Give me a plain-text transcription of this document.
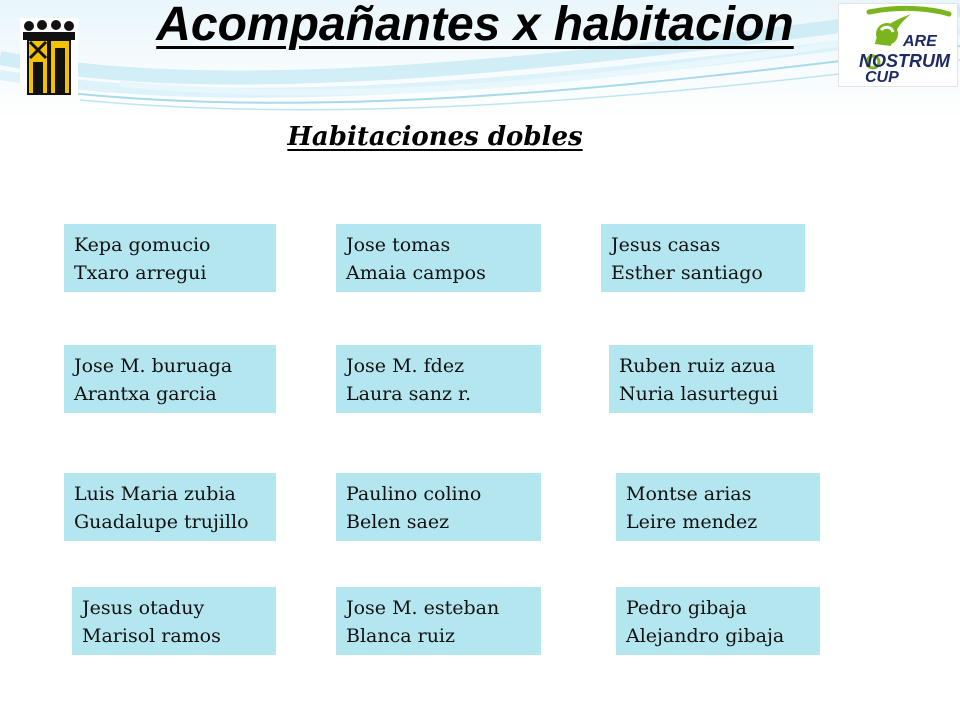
Acompañantes x habitacion	ARE
NOSTRUM
CUP
Habitaciones dobles
Kepa gomucio
Txaro arregui
Jose tomas
Amaia campos
Jesus casas
Esther santiago
Jose M. buruaga
Arantxa garcia
Jose M. fdez
Laura sanz r.
Ruben ruiz azua
Nuria lasurtegui
Luis Maria zubia
Guadalupe trujillo
Paulino colino
Belen saez
Montse arias
Leire mendez
Jesus otaduy
Marisol ramos
Jose M. esteban
Blanca ruiz
Pedro gibaja
Alejandro gibaja
